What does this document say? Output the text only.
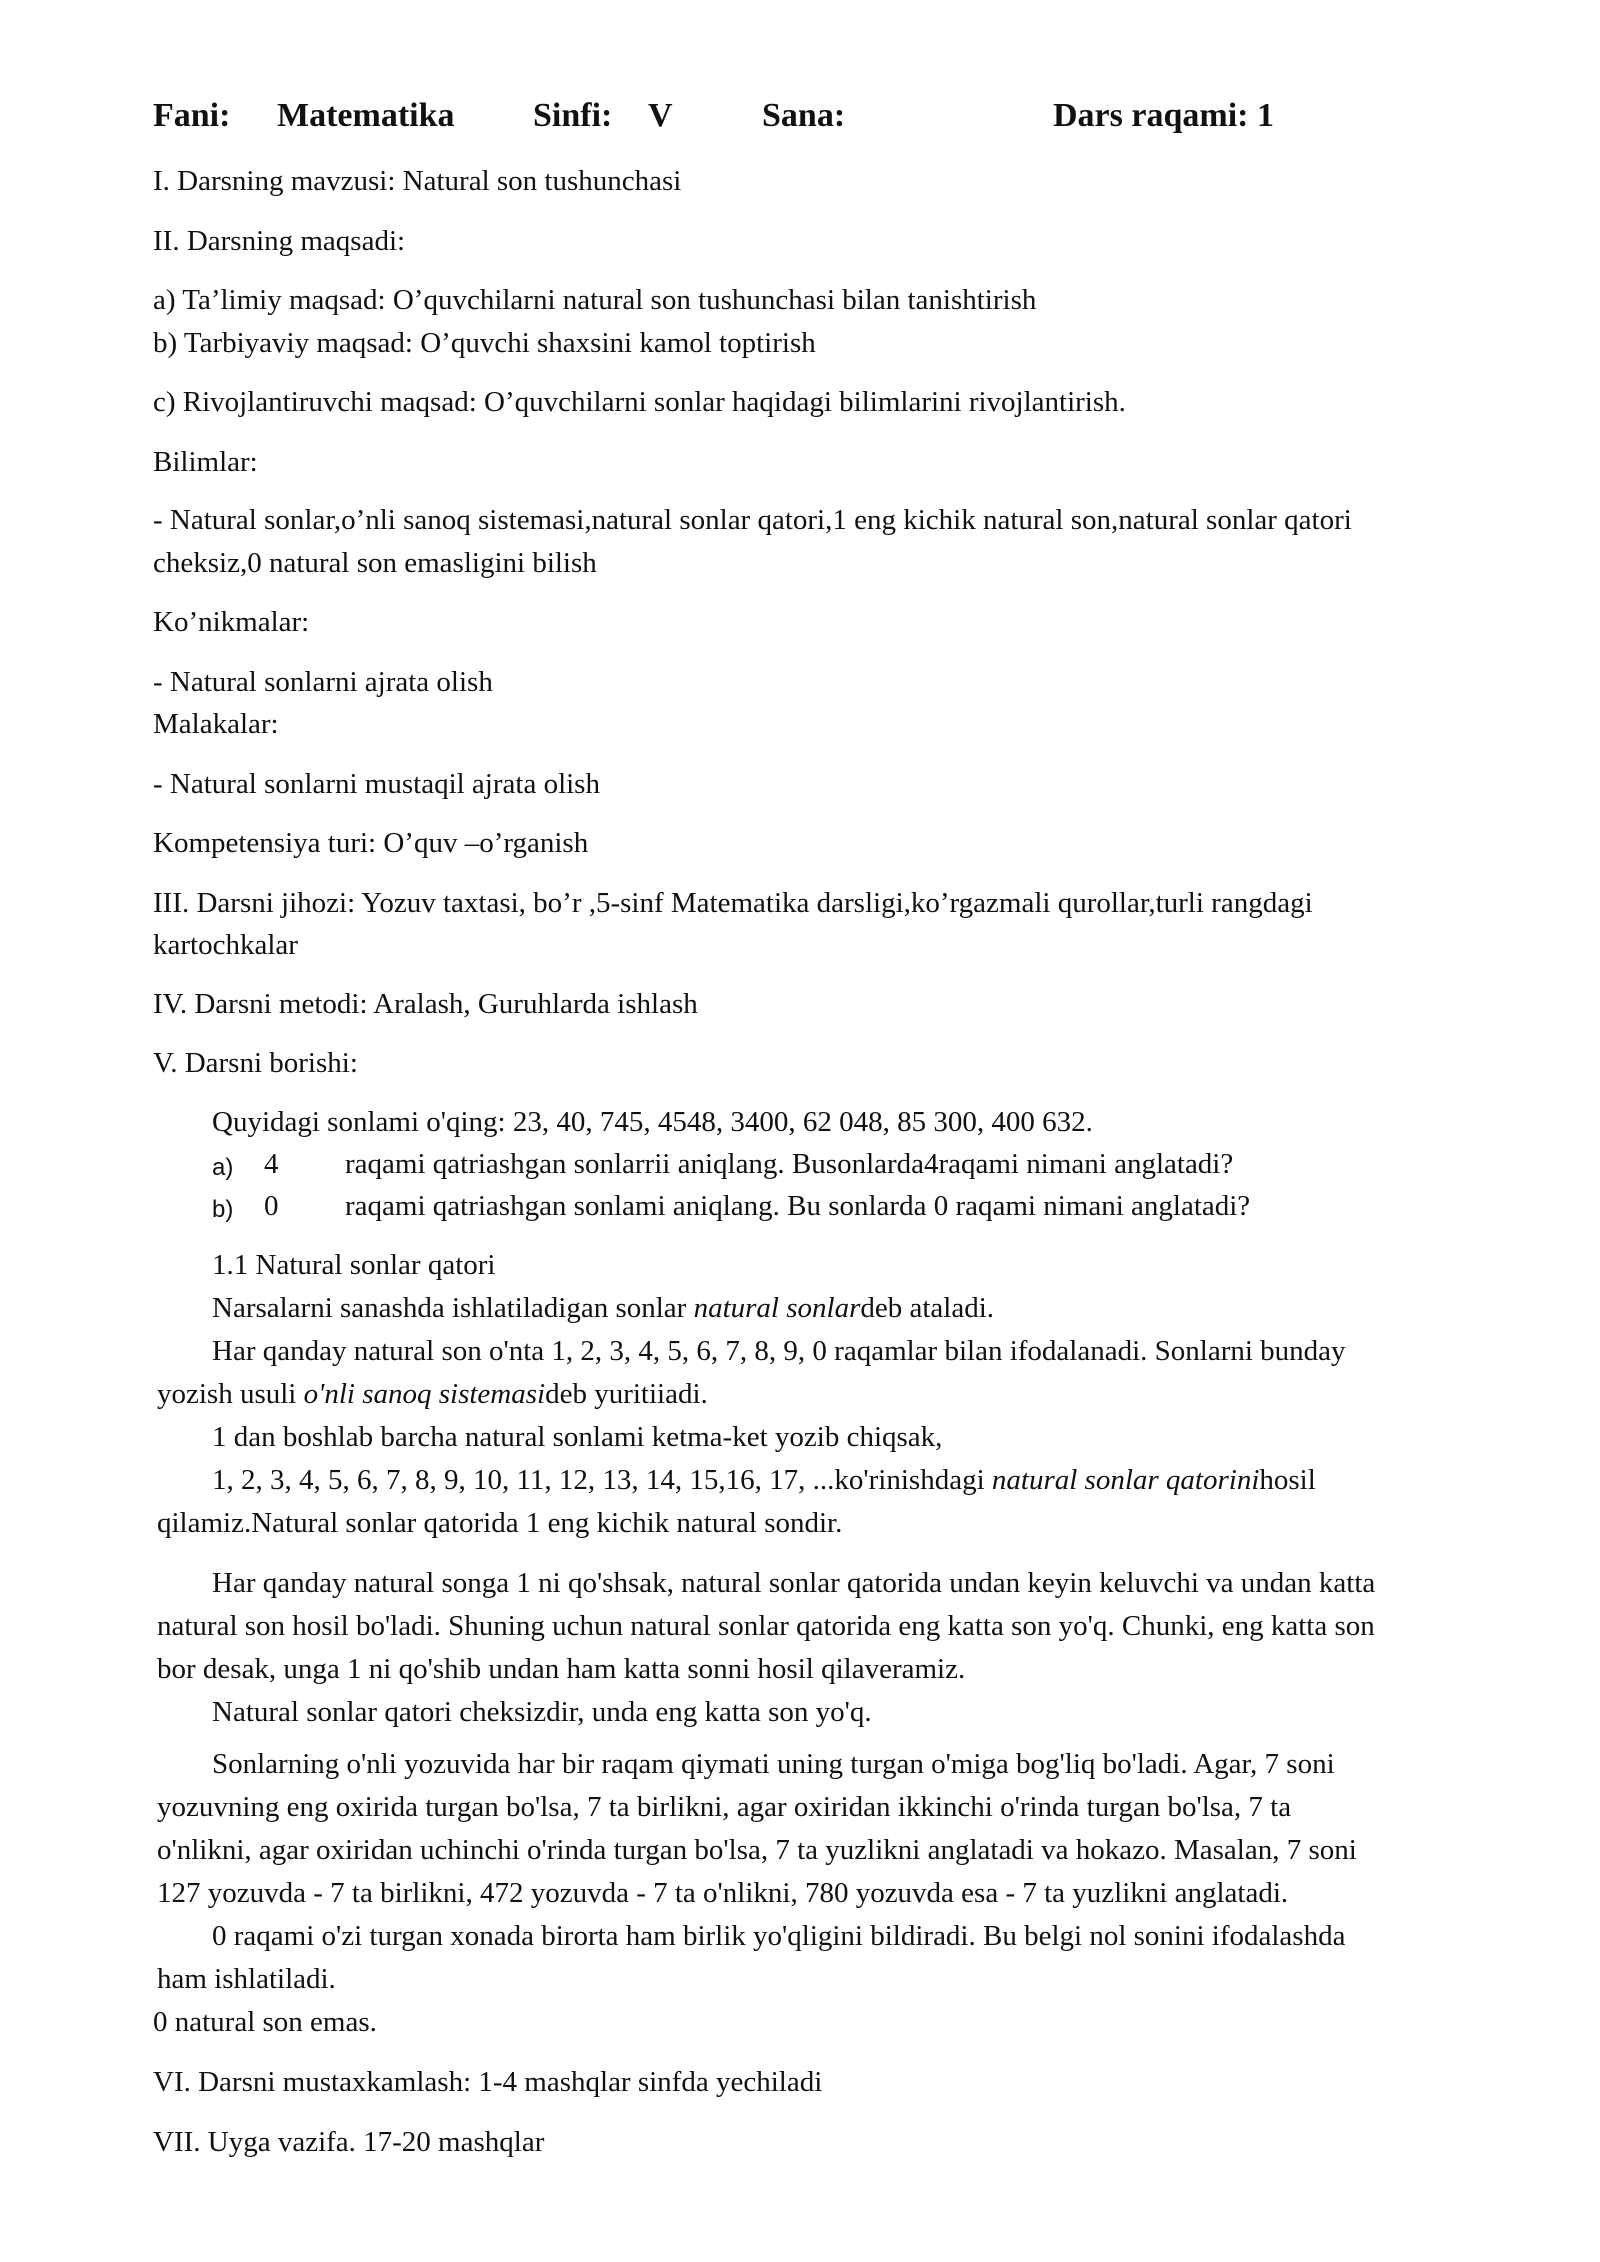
Fani: Matematika Sinfi: V	Sana:	Dars raqami: 1
I. Darsning mavzusi: Natural son tushunchasi
II. Darsning maqsadi:
a) Ta’limiy maqsad: O’quvchilarni natural son tushunchasi bilan tanishtirish
b) Tarbiyaviy maqsad: O’quvchi shaxsini kamol toptirish
c) Rivojlantiruvchi maqsad: O’quvchilarni sonlar haqidagi bilimlarini rivojlantirish.
Bilimlar:
- Natural sonlar,o’nli sanoq sistemasi,natural sonlar qatori,1 eng kichik natural son,natural sonlar qatori
cheksiz,0 natural son emasligini bilish
Ko’nikmalar:
- Natural sonlarni ajrata olish
Malakalar:
- Natural sonlarni mustaqil ajrata olish
Kompetensiya turi: O’quv –o’rganish
III. Darsni jihozi: Yozuv taxtasi, bo’r ,5-sinf Matematika darsligi,ko’rgazmali qurollar,turli rangdagi
kartochkalar
IV. Darsni metodi: Aralash, Guruhlarda ishlash
V. Darsni borishi:
Quyidagi sonlami o'qing: 23, 40, 745, 4548, 3400, 62 048, 85 300, 400 632.
a) 4 raqami qatriashgan sonlarrii aniqlang. Busonlarda4raqami nimani anglatadi?
b) 0 raqami qatriashgan sonlami aniqlang. Bu sonlarda 0 raqami nimani anglatadi?
1.1 Natural sonlar qatori
Narsalarni sanashda ishlatiladigan sonlar natural sonlardeb ataladi.
Har qanday natural son o'nta 1, 2, 3, 4, 5, 6, 7, 8, 9, 0 raqamlar bilan ifodalanadi. Sonlarni bunday
yozish usuli o'nli sanoq sistemasideb yuritiiadi.
1 dan boshlab barcha natural sonlami ketma-ket yozib chiqsak,
1, 2, 3, 4, 5, 6, 7, 8, 9, 10, 11, 12, 13, 14, 15,16, 17, ...ko'rinishdagi natural sonlar qatorinihosil
qilamiz.Natural sonlar qatorida 1 eng kichik natural sondir.
Har qanday natural songa 1 ni qo'shsak, natural sonlar qatorida undan keyin keluvchi va undan katta
natural son hosil bo'ladi. Shuning uchun natural sonlar qatorida eng katta son yo'q. Chunki, eng katta son
bor desak, unga 1 ni qo'shib undan ham katta sonni hosil qilaveramiz.
Natural sonlar qatori cheksizdir, unda eng katta son yo'q.
Sonlarning o'nli yozuvida har bir raqam qiymati uning turgan o'miga bog'liq bo'ladi. Agar, 7 soni
yozuvning eng oxirida turgan bo'lsa, 7 ta birlikni, agar oxiridan ikkinchi o'rinda turgan bo'lsa, 7 ta
o'nlikni, agar oxiridan uchinchi o'rinda turgan bo'lsa, 7 ta yuzlikni anglatadi va hokazo. Masalan, 7 soni
127 yozuvda - 7 ta birlikni, 472 yozuvda - 7 ta o'nlikni, 780 yozuvda esa - 7 ta yuzlikni anglatadi.
0 raqami o'zi turgan xonada birorta ham birlik yo'qligini bildiradi. Bu belgi nol sonini ifodalashda
ham ishlatiladi.
0 natural son emas.
VI. Darsni mustaxkamlash: 1-4 mashqlar sinfda yechiladi
VII. Uyga vazifa. 17-20 mashqlar
